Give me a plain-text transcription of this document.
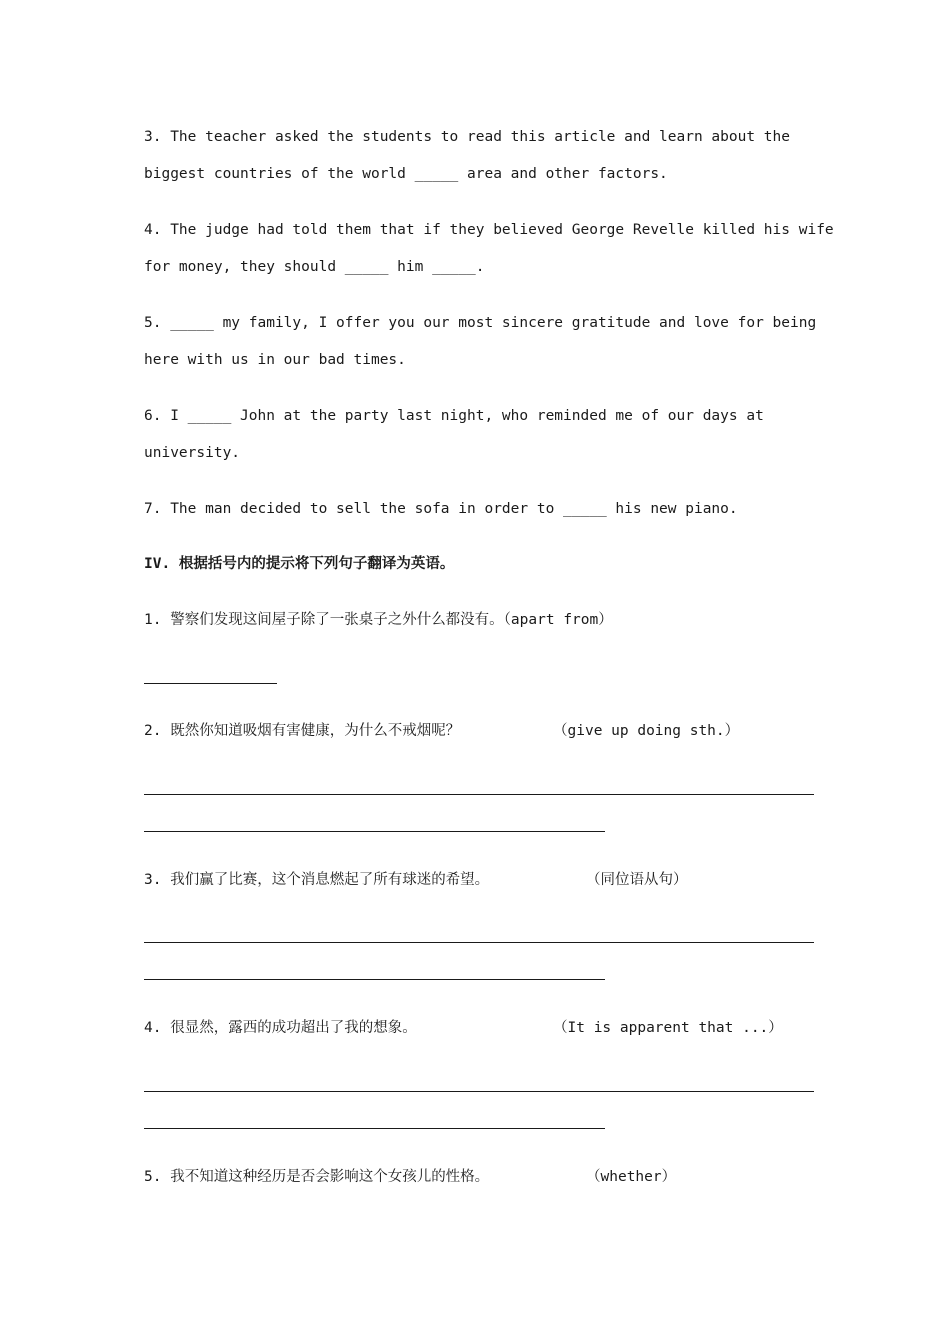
3. The teacher asked the students to read this article and learn about the
biggest countries of the world _____ area and other factors.
4. The judge had told them that if they believed George Revelle killed his wife
for money, they should _____ him _____.
5. _____ my family, I offer you our most sincere gratitude and love for being
here with us in our bad times.
6. I _____ John at the party last night, who reminded me of our days at
university.
7. The man decided to sell the sofa in order to _____ his new piano.
IV. 根据括号内的提示将下列句子翻译为英语。
1. 警察们发现这间屋子除了一张桌子之外什么都没有。（apart from）
2. 既然你知道吸烟有害健康，为什么不戒烟呢？	（give up doing sth.）
3. 我们赢了比赛，这个消息燃起了所有球迷的希望。	（同位语从句）
4. 很显然，露西的成功超出了我的想象。	（It is apparent that ...）
5. 我不知道这种经历是否会影响这个女孩儿的性格。	（whether）
